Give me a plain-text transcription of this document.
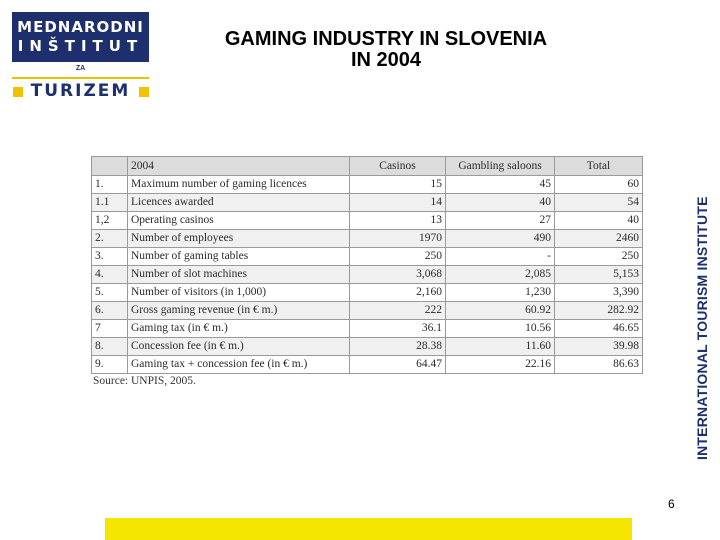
MEDNARODNI
INŠTITUT
ZA
TURIZEM
GAMING INDUSTRY IN SLOVENIA
IN 2004
INTERNATIONAL TOURISM INSTITUTE
	2004	Casinos	Gambling saloons	Total
1.	Maximum number of gaming licences	15	45	60
1.1	Licences awarded	14	40	54
1,2	Operating casinos	13	27	40
2.	Number of employees	1970	490	2460
3.	Number of gaming tables	250	-	250
4.	Number of slot machines	3,068	2,085	5,153
5.	Number of visitors (in 1,000)	2,160	1,230	3,390
6.	Gross gaming revenue (in € m.)	222	60.92	282.92
7	Gaming tax (in € m.)	36.1	10.56	46.65
8.	Concession fee (in € m.)	28.38	11.60	39.98
9.	Gaming tax + concession fee (in € m.)	64.47	22.16	86.63
Source: UNPIS, 2005.
6
